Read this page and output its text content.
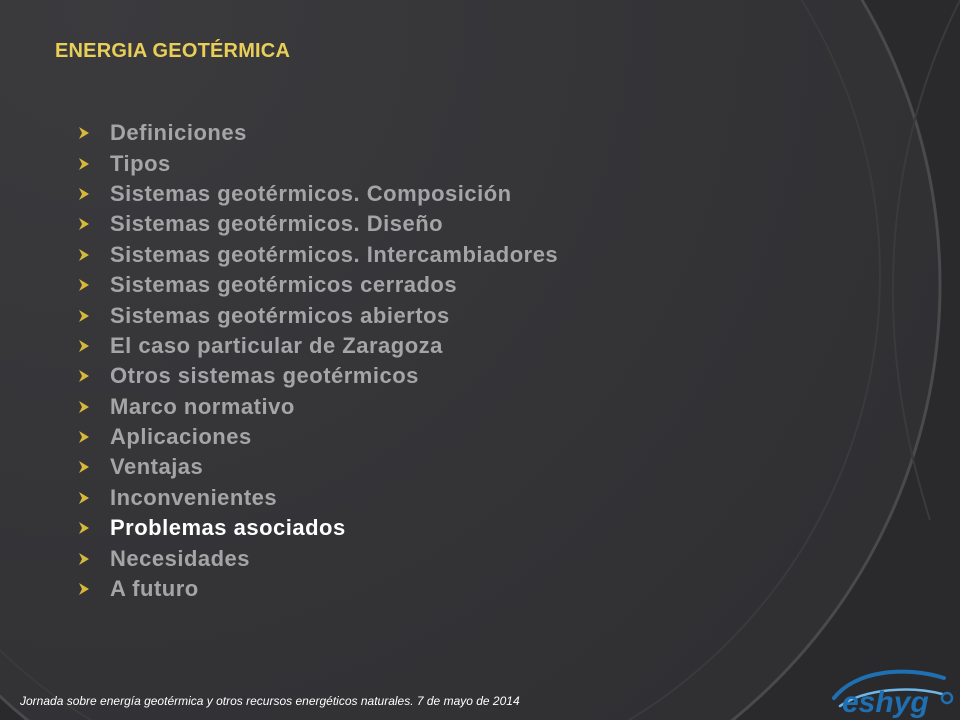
ENERGIA GEOTÉRMICA
Definiciones
Tipos
Sistemas geotérmicos. Composición
Sistemas geotérmicos. Diseño
Sistemas geotérmicos. Intercambiadores
Sistemas geotérmicos cerrados
Sistemas geotérmicos abiertos
El caso particular de Zaragoza
Otros sistemas geotérmicos
Marco normativo
Aplicaciones
Ventajas
Inconvenientes
Problemas asociados
Necesidades
A futuro
Jornada sobre energía geotérmica y otros recursos energéticos naturales. 7 de mayo de 2014	eshyg
